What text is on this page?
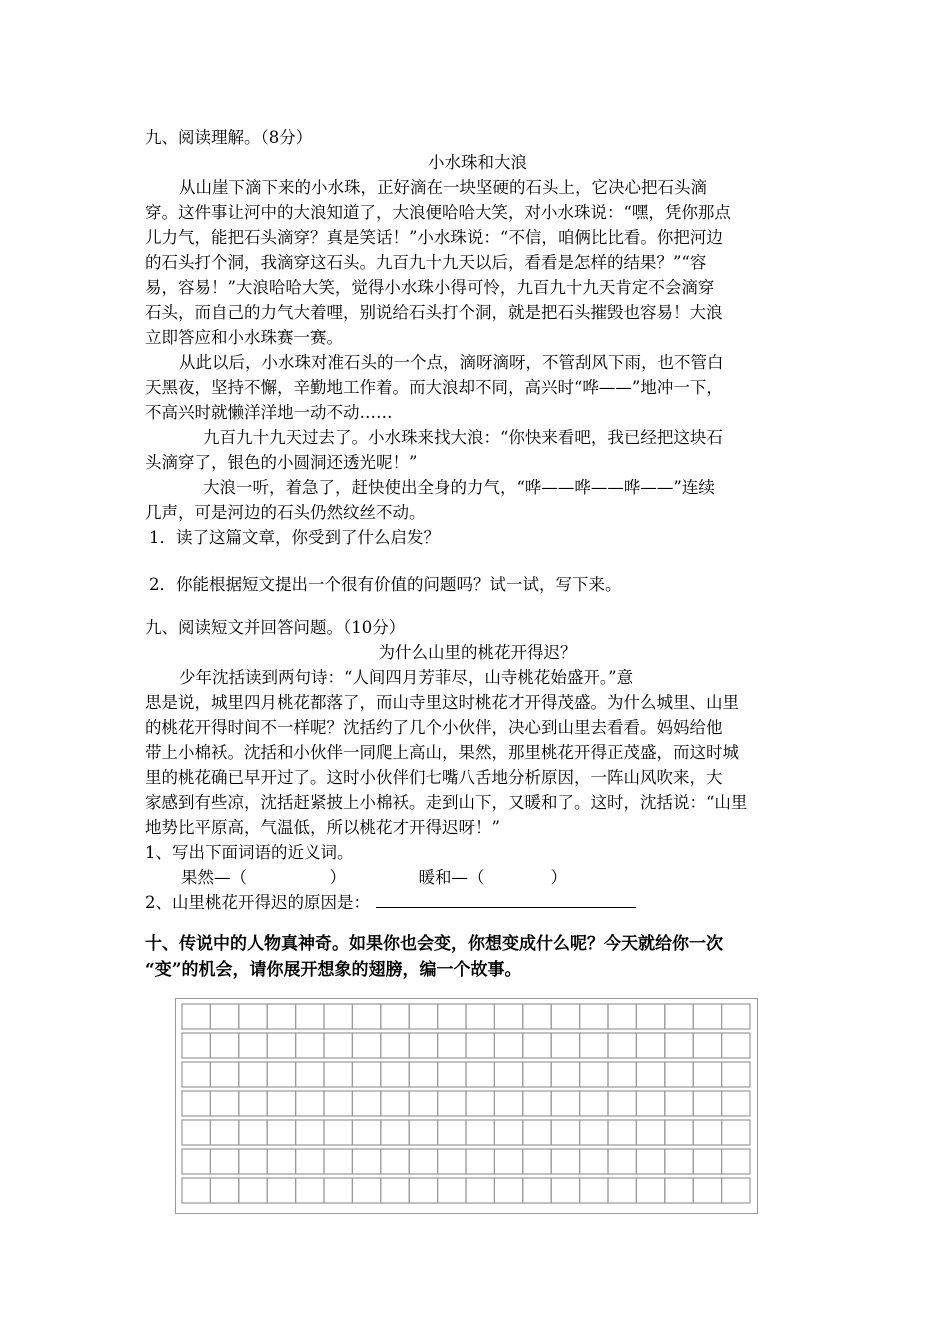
九、阅读理解。（8分）
小水珠和大浪
从山崖下滴下来的小水珠，正好滴在一块坚硬的石头上，它决心把石头滴
穿。这件事让河中的大浪知道了，大浪便哈哈大笑，对小水珠说：“嘿，凭你那点
儿力气，能把石头滴穿？真是笑话！”小水珠说：“不信，咱俩比比看。你把河边
的石头打个洞，我滴穿这石头。九百九十九天以后，看看是怎样的结果？”“容
易，容易！”大浪哈哈大笑，觉得小水珠小得可怜，九百九十九天肯定不会滴穿
石头，而自己的力气大着哩，别说给石头打个洞，就是把石头摧毁也容易！大浪
立即答应和小水珠赛一赛。
从此以后，小水珠对准石头的一个点，滴呀滴呀，不管刮风下雨，也不管白
天黑夜，坚持不懈，辛勤地工作着。而大浪却不同，高兴时“哗——”地冲一下，
不高兴时就懒洋洋地一动不动……
九百九十九天过去了。小水珠来找大浪：“你快来看吧，我已经把这块石
头滴穿了，银色的小圆洞还透光呢！”
大浪一听，着急了，赶快使出全身的力气，“哗——哗——哗——”连续
几声，可是河边的石头仍然纹丝不动。
1．读了这篇文章，你受到了什么启发？
2．你能根据短文提出一个很有价值的问题吗？试一试，写下来。
九、阅读短文并回答问题。（10分）
为什么山里的桃花开得迟？
少年沈括读到两句诗：“人间四月芳菲尽，山寺桃花始盛开。”意
思是说，城里四月桃花都落了，而山寺里这时桃花才开得茂盛。为什么城里、山里
的桃花开得时间不一样呢？沈括约了几个小伙伴，决心到山里去看看。妈妈给他
带上小棉袄。沈括和小伙伴一同爬上高山，果然，那里桃花开得正茂盛，而这时城
里的桃花确已早开过了。这时小伙伴们七嘴八舌地分析原因，一阵山风吹来，大
家感到有些凉，沈括赶紧披上小棉袄。走到山下，又暖和了。这时，沈括说：“山里
地势比平原高，气温低，所以桃花才开得迟呀！”
1、写出下面词语的近义词。
果然—（　　　　　）	暖和—（　　　　）
2、山里桃花开得迟的原因是：
十、传说中的人物真神奇。如果你也会变，你想变成什么呢？今天就给你一次
“变”的机会，请你展开想象的翅膀，编一个故事。
